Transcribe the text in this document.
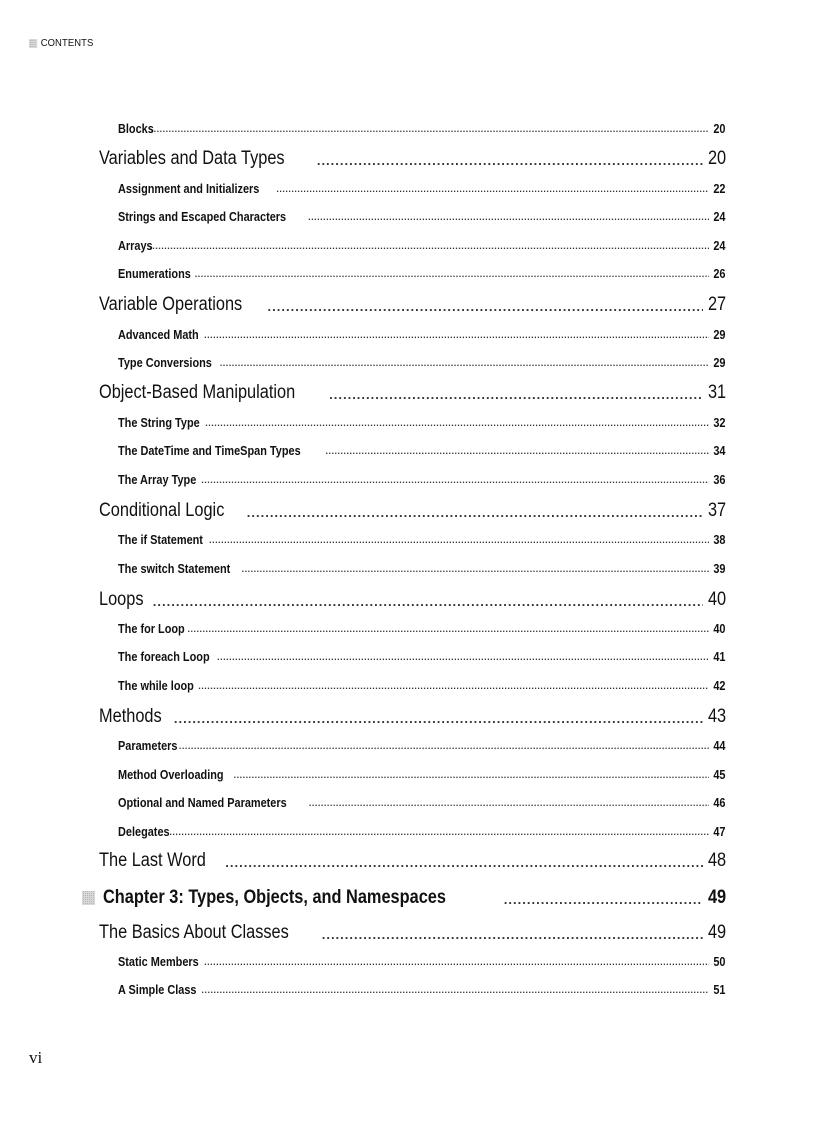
CONTENTS
Blocks .....	20
Variables and Data Types .....	20
Assignment and Initializers .....	22
Strings and Escaped Characters .....	24
Arrays .....	24
Enumerations .....	26
Variable Operations .....	27
Advanced Math .....	29
Type Conversions .....	29
Object-Based Manipulation .....	31
The String Type .....	32
The DateTime and TimeSpan Types .....	34
The Array Type .....	36
Conditional Logic .....	37
The if Statement .....	38
The switch Statement .....	39
Loops .....	40
The for Loop .....	40
The foreach Loop .....	41
The while loop .....	42
Methods .....	43
Parameters .....	44
Method Overloading .....	45
Optional and Named Parameters .....	46
Delegates .....	47
The Last Word .....	48
Chapter 3: Types, Objects, and Namespaces .....	49
The Basics About Classes .....	49
Static Members .....	50
A Simple Class .....	51
vi
